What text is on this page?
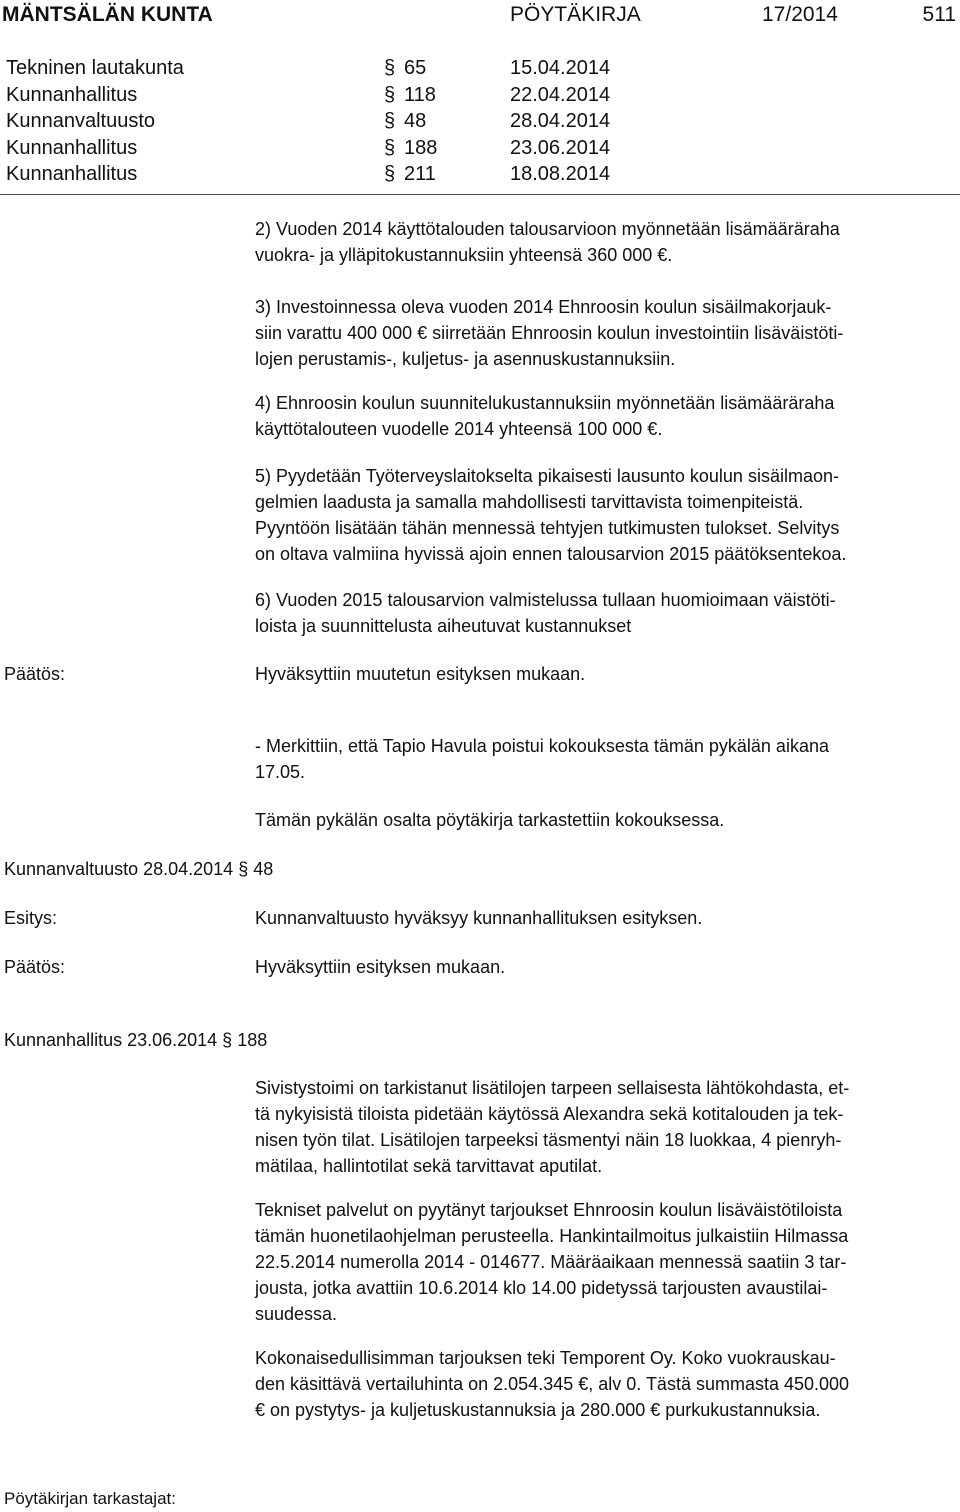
MÄNTSÄLÄN KUNTA	PÖYTÄKIRJA	17/2014	511
Tekninen lautakunta	§ 65	15.04.2014
Kunnanhallitus	§ 118	22.04.2014
Kunnanvaltuusto	§ 48	28.04.2014
Kunnanhallitus	§ 188	23.06.2014
Kunnanhallitus	§ 211	18.08.2014
2) Vuoden 2014 käyttötalouden talousarvioon myönnetään lisämääräraha
vuokra- ja ylläpitokustannuksiin yhteensä 360 000 €.
3) Investoinnessa oleva vuoden 2014 Ehnroosin koulun sisäilmakorjauk-
siin varattu 400 000 € siirretään Ehnroosin koulun investointiin lisäväistöti-
lojen perustamis-, kuljetus- ja asennuskustannuksiin.
4) Ehnroosin koulun suunnitelukustannuksiin myönnetään lisämääräraha
käyttötalouteen vuodelle 2014 yhteensä 100 000 €.
5) Pyydetään Työterveyslaitokselta pikaisesti lausunto koulun sisäilmaon-
gelmien laadusta ja samalla mahdollisesti tarvittavista toimenpiteistä.
Pyyntöön lisätään tähän mennessä tehtyjen tutkimusten tulokset. Selvitys
on oltava valmiina hyvissä ajoin ennen talousarvion 2015 päätöksentekoa.
6) Vuoden 2015 talousarvion valmistelussa tullaan huomioimaan väistöti-
loista ja suunnittelusta aiheutuvat kustannukset
Päätös:	Hyväksyttiin muutetun esityksen mukaan.
- Merkittiin, että Tapio Havula poistui kokouksesta tämän pykälän aikana
17.05.
Tämän pykälän osalta pöytäkirja tarkastettiin kokouksessa.
Kunnanvaltuusto 28.04.2014 § 48
Esitys:	Kunnanvaltuusto hyväksyy kunnanhallituksen esityksen.
Päätös:	Hyväksyttiin esityksen mukaan.
Kunnanhallitus 23.06.2014 § 188
Sivistystoimi on tarkistanut lisätilojen tarpeen sellaisesta lähtökohdasta, et-
tä nykyisistä tiloista pidetään käytössä Alexandra sekä kotitalouden ja tek-
nisen työn tilat. Lisätilojen tarpeeksi täsmentyi näin 18 luokkaa, 4 pienryh-
mätilaa, hallintotilat sekä tarvittavat aputilat.
Tekniset palvelut on pyytänyt tarjoukset Ehnroosin koulun lisäväistötiloista
tämän huonetilaohjelman perusteella. Hankintailmoitus julkaistiin Hilmassa
22.5.2014 numerolla 2014 - 014677. Määräaikaan mennessä saatiin 3 tar-
jousta, jotka avattiin 10.6.2014 klo 14.00 pidetyssä tarjousten avaustilai-
suudessa.
Kokonaisedullisimman tarjouksen teki Temporent Oy. Koko vuokrauskau-
den käsittävä vertailuhinta on 2.054.345 €, alv 0. Tästä summasta 450.000
€ on pystytys- ja kuljetuskustannuksia ja 280.000 € purkukustannuksia.
Pöytäkirjan tarkastajat:
